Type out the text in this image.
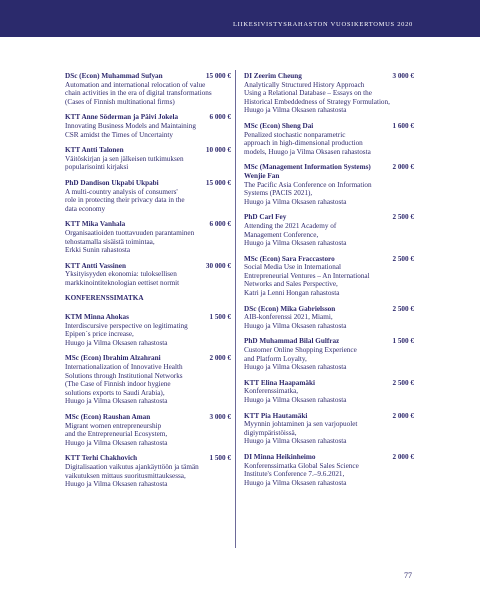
LIIKESIVISTYSRAHASTON VUOSIKERTOMUS 2020
DSc (Econ) Muhammad Sufyan	15 000 €
Automation and international relocation of value
chain activities in the era of digital transformations
(Cases of Finnish multinational firms)
KTT Anne Söderman ja Päivi Jokela	6 000 €
Innovating Business Models and Maintaining
CSR amidst the Times of Uncertainty
KTT Antti Talonen	10 000 €
Väitöskirjan ja sen jälkeisen tutkimuksen
popularisointi kirjaksi
PhD Dandison Ukpabi Ukpabi	15 000 €
A multi-country analysis of consumers'
role in protecting their privacy data in the
data economy
KTT Mika Vanhala	6 000 €
Organisaatioiden tuottavuuden parantaminen
tehostamalla sisäistä toimintaa,
Erkki Sunin rahastosta
KTT Antti Vassinen	30 000 €
Yksityisyyden ekonomia: tuloksellisen
markkinointiteknologian eettiset normit
KONFERENSSIMATKA
KTM Minna Ahokas	1 500 €
Interdiscursive perspective on legitimating
Epipen´s price increase,
Huugo ja Vilma Oksasen rahastosta
MSc (Econ) Ibrahim Alzahrani	2 000 €
Internationalization of Innovative Health
Solutions through Institutional Networks
(The Case of Finnish indoor hygiene
solutions exports to Saudi Arabia),
Huugo ja Vilma Oksasen rahastosta
MSc (Econ) Raushan Aman	3 000 €
Migrant women entrepreneurship
and the Entrepreneurial Ecosystem,
Huugo ja Vilma Oksasen rahastosta
KTT Terhi Chakhovich	1 500 €
Digitalisaation vaikutus ajankäyttöön ja tämän
vaikutuksen mittaus suoritusmittauksessa,
Huugo ja Vilma Oksasen rahastosta
DI Zeerim Cheung	3 000 €
Analytically Structured History Approach
Using a Relational Database – Essays on the
Historical Embeddedness of Strategy Formulation,
Huugo ja Vilma Oksasen rahastosta
MSc (Econ) Sheng Dai	1 600 €
Penalized stochastic nonparametric
approach in high-dimensional production
models, Huugo ja Vilma Oksasen rahastosta
MSc (Management Information Systems)
Wenjie Fan
2 000 €
The Pacific Asia Conference on Information
Systems (PACIS 2021),
Huugo ja Vilma Oksasen rahastosta
PhD Carl Fey	2 500 €
Attending the 2021 Academy of
Management Conference,
Huugo ja Vilma Oksasen rahastosta
MSc (Econ) Sara Fraccastoro	2 500 €
Social Media Use in International
Entrepreneurial Ventures – An International
Networks and Sales Perspective,
Katri ja Lenni Hongan rahastosta
DSc (Econ) Mika Gabrielsson	2 500 €
AIB-konferenssi 2021, Miami,
Huugo ja Vilma Oksasen rahastosta
PhD Muhammad Bilal Gulfraz	1 500 €
Customer Online Shopping Experience
and Platform Loyalty,
Huugo ja Vilma Oksasen rahastosta
KTT Elina Haapamäki	2 500 €
Konferenssimatka,
Huugo ja Vilma Oksasen rahastosta
KTT Pia Hautamäki	2 000 €
Myynnin johtaminen ja sen varjopuolet
digiympäristöissä,
Huugo ja Vilma Oksasen rahastosta
DI Minna Heikinheimo	2 000 €
Konferenssimatka Global Sales Science
Institute's Conference 7.–9.6.2021,
Huugo ja Vilma Oksasen rahastosta
77
